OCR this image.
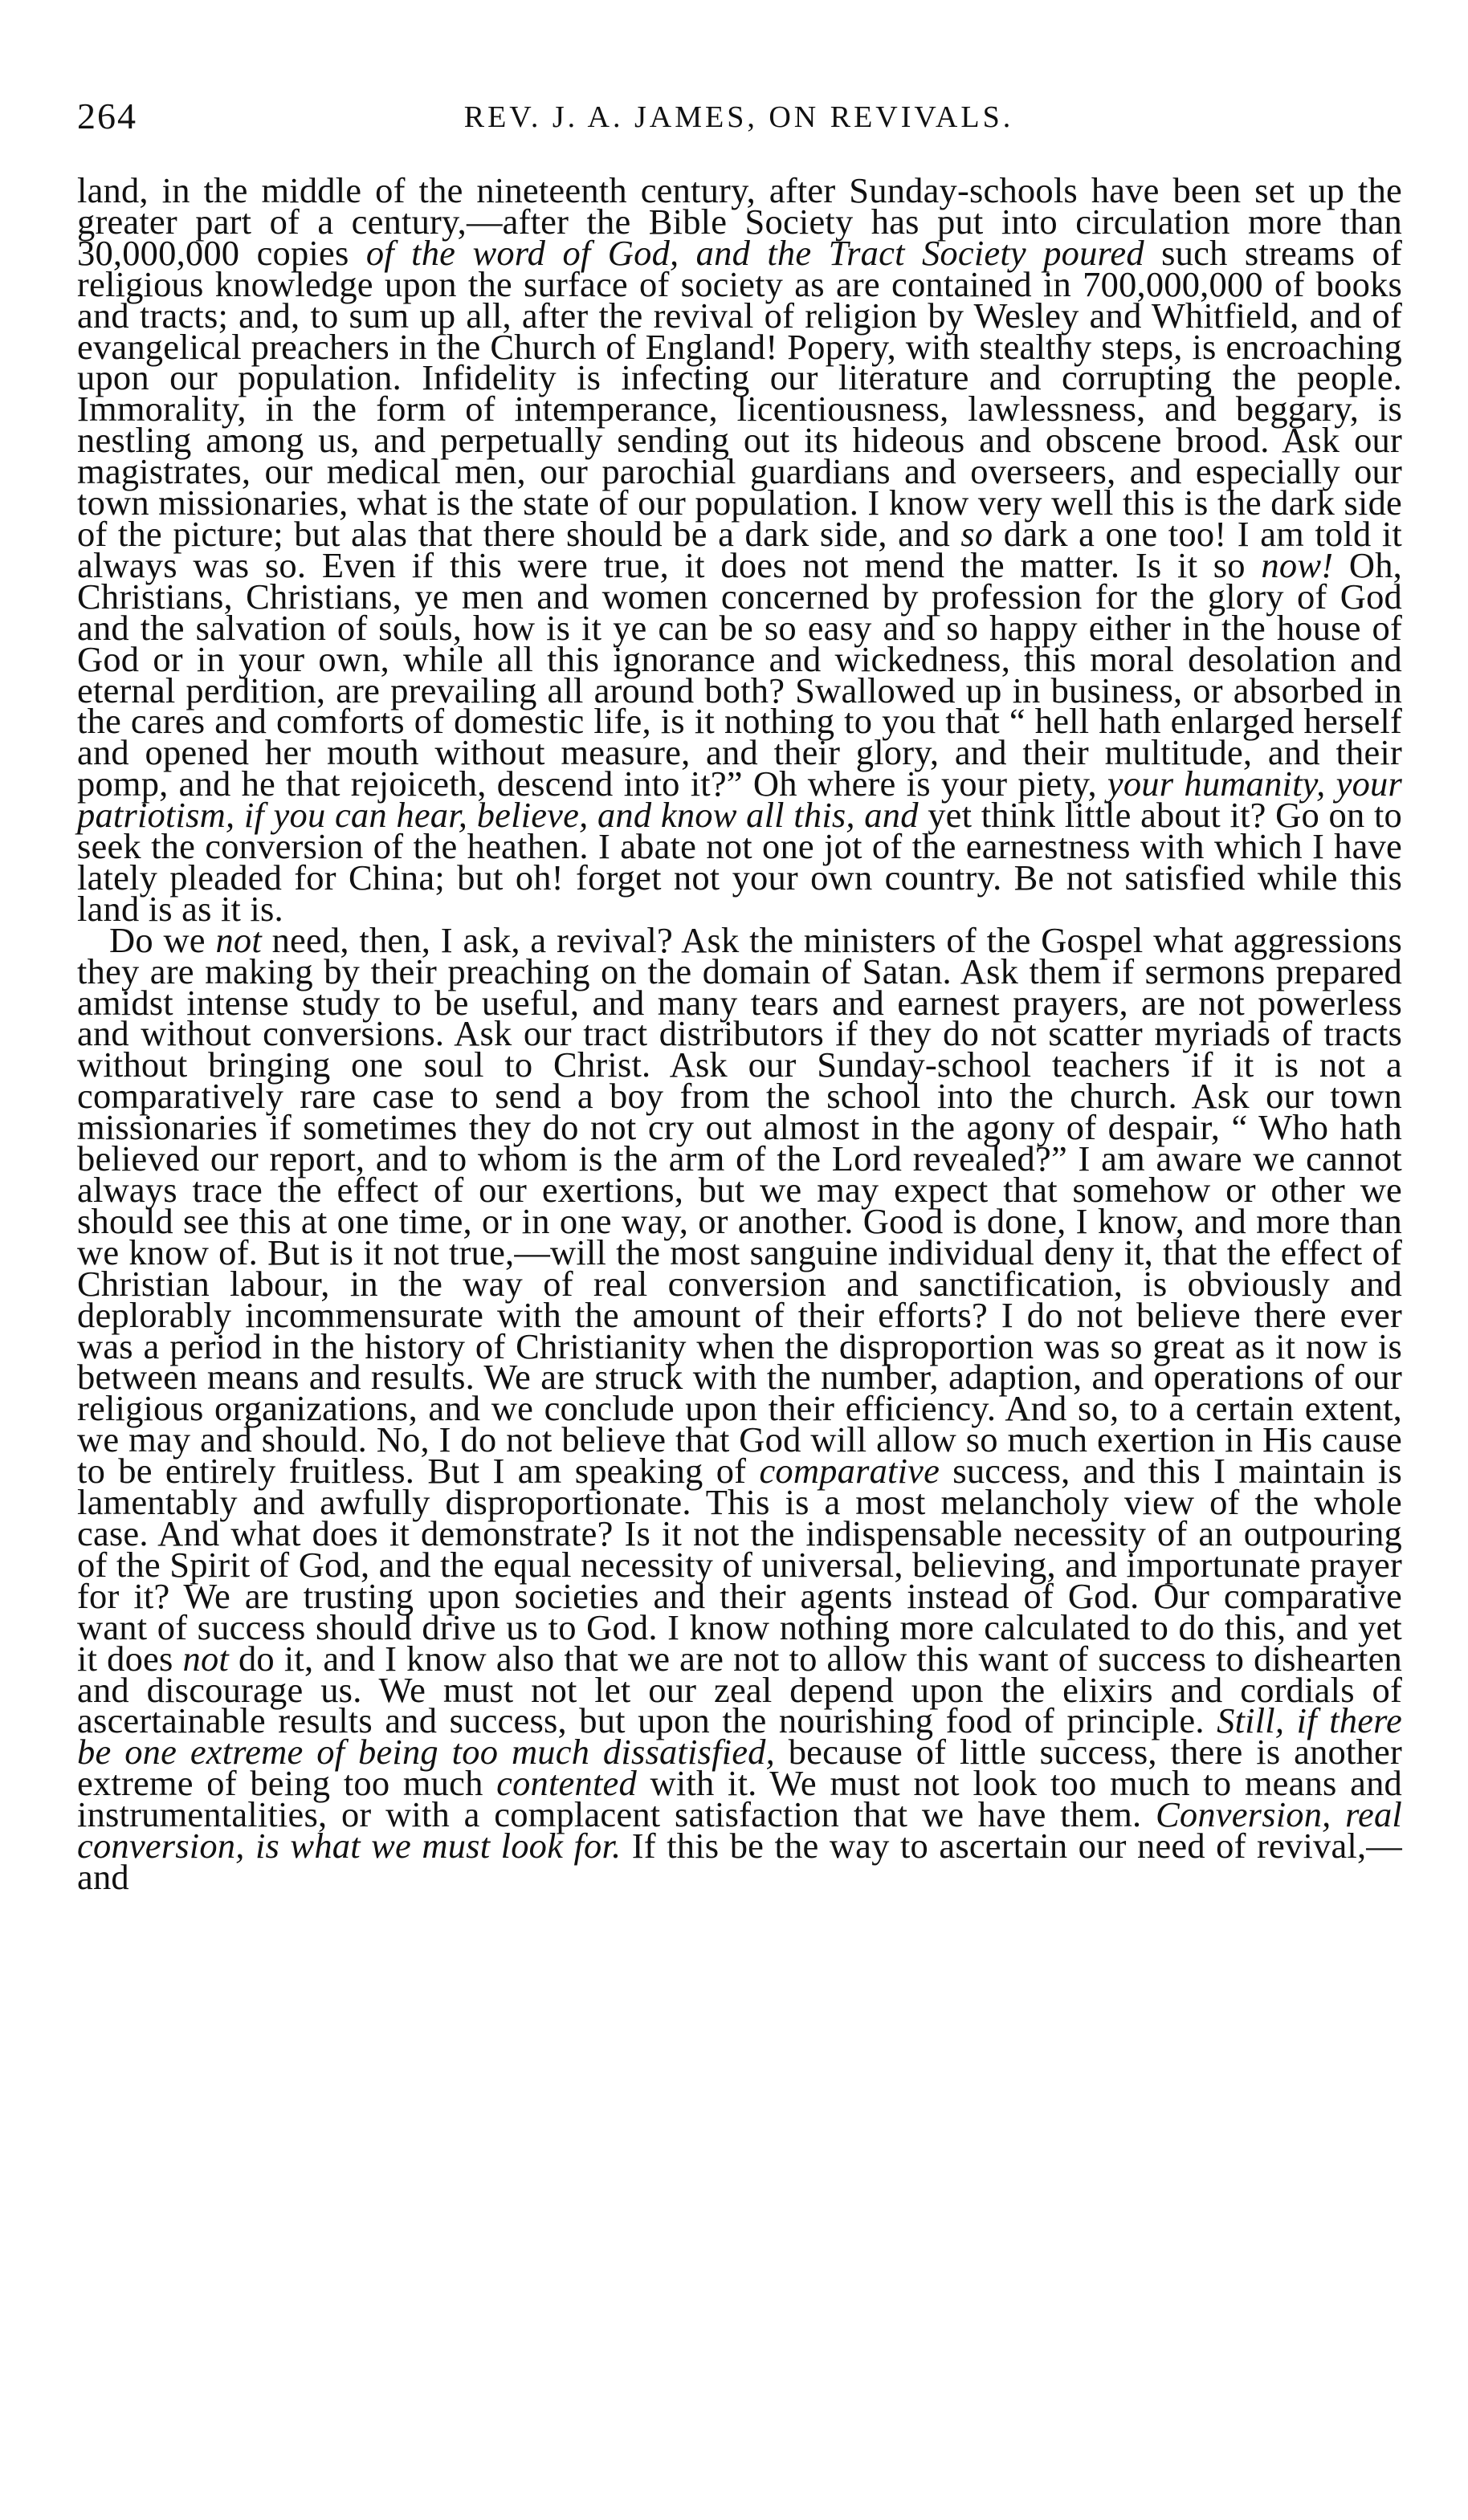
264	REV. J. A. JAMES, ON REVIVALS.

land, in the middle of the nineteenth century, after Sunday-schools have been set up the greater part of a century,—after the Bible Society has put into circulation more than 30,000,000 copies of the word of God, and the Tract Society poured such streams of religious knowledge upon the surface of society as are contained in 700,000,000 of books and tracts; and, to sum up all, after the revival of religion by Wesley and Whitfield, and of evangelical preachers in the Church of England! Popery, with stealthy steps, is encroaching upon our population. Infidelity is infecting our literature and corrupting the people. Immorality, in the form of intemperance, licentiousness, lawlessness, and beggary, is nestling among us, and perpetually sending out its hideous and obscene brood. Ask our magistrates, our medical men, our parochial guardians and overseers, and especially our town missionaries, what is the state of our population. I know very well this is the dark side of the picture; but alas that there should be a dark side, and so dark a one too! I am told it always was so. Even if this were true, it does not mend the matter. Is it so now! Oh, Christians, Christians, ye men and women concerned by profession for the glory of God and the salvation of souls, how is it ye can be so easy and so happy either in the house of God or in your own, while all this ignorance and wickedness, this moral desolation and eternal perdition, are prevailing all around both? Swallowed up in business, or absorbed in the cares and comforts of domestic life, is it nothing to you that “ hell hath enlarged herself and opened her mouth without measure, and their glory, and their multitude, and their pomp, and he that rejoiceth, descend into it?” Oh where is your piety, your humanity, your patriotism, if you can hear, believe, and know all this, and yet think little about it? Go on to seek the conversion of the heathen. I abate not one jot of the earnestness with which I have lately pleaded for China; but oh! forget not your own country. Be not satisfied while this land is as it is.

Do we not need, then, I ask, a revival? Ask the ministers of the Gospel what aggressions they are making by their preaching on the domain of Satan. Ask them if sermons prepared amidst intense study to be useful, and many tears and earnest prayers, are not powerless and without conversions. Ask our tract distributors if they do not scatter myriads of tracts without bringing one soul to Christ. Ask our Sunday-school teachers if it is not a comparatively rare case to send a boy from the school into the church. Ask our town missionaries if sometimes they do not cry out almost in the agony of despair, “ Who hath believed our report, and to whom is the arm of the Lord revealed?” I am aware we cannot always trace the effect of our exertions, but we may expect that somehow or other we should see this at one time, or in one way, or another. Good is done, I know, and more than we know of. But is it not true,—will the most sanguine individual deny it, that the effect of Christian labour, in the way of real conversion and sanctification, is obviously and deplorably incommensurate with the amount of their efforts? I do not believe there ever was a period in the history of Christianity when the disproportion was so great as it now is between means and results. We are struck with the number, adaption, and operations of our religious organizations, and we conclude upon their efficiency. And so, to a certain extent, we may and should. No, I do not believe that God will allow so much exertion in His cause to be entirely fruitless. But I am speaking of comparative success, and this I maintain is lamentably and awfully disproportionate. This is a most melancholy view of the whole case. And what does it demonstrate? Is it not the indispensable necessity of an outpouring of the Spirit of God, and the equal necessity of universal, believing, and importunate prayer for it? We are trusting upon societies and their agents instead of God. Our comparative want of success should drive us to God. I know nothing more calculated to do this, and yet it does not do it, and I know also that we are not to allow this want of success to dishearten and discourage us. We must not let our zeal depend upon the elixirs and cordials of ascertainable results and success, but upon the nourishing food of principle. Still, if there be one extreme of being too much dissatisfied, because of little success, there is another extreme of being too much contented with it. We must not look too much to means and instrumentalities, or with a complacent satisfaction that we have them. Conversion, real conversion, is what we must look for. If this be the way to ascertain our need of revival,—and
